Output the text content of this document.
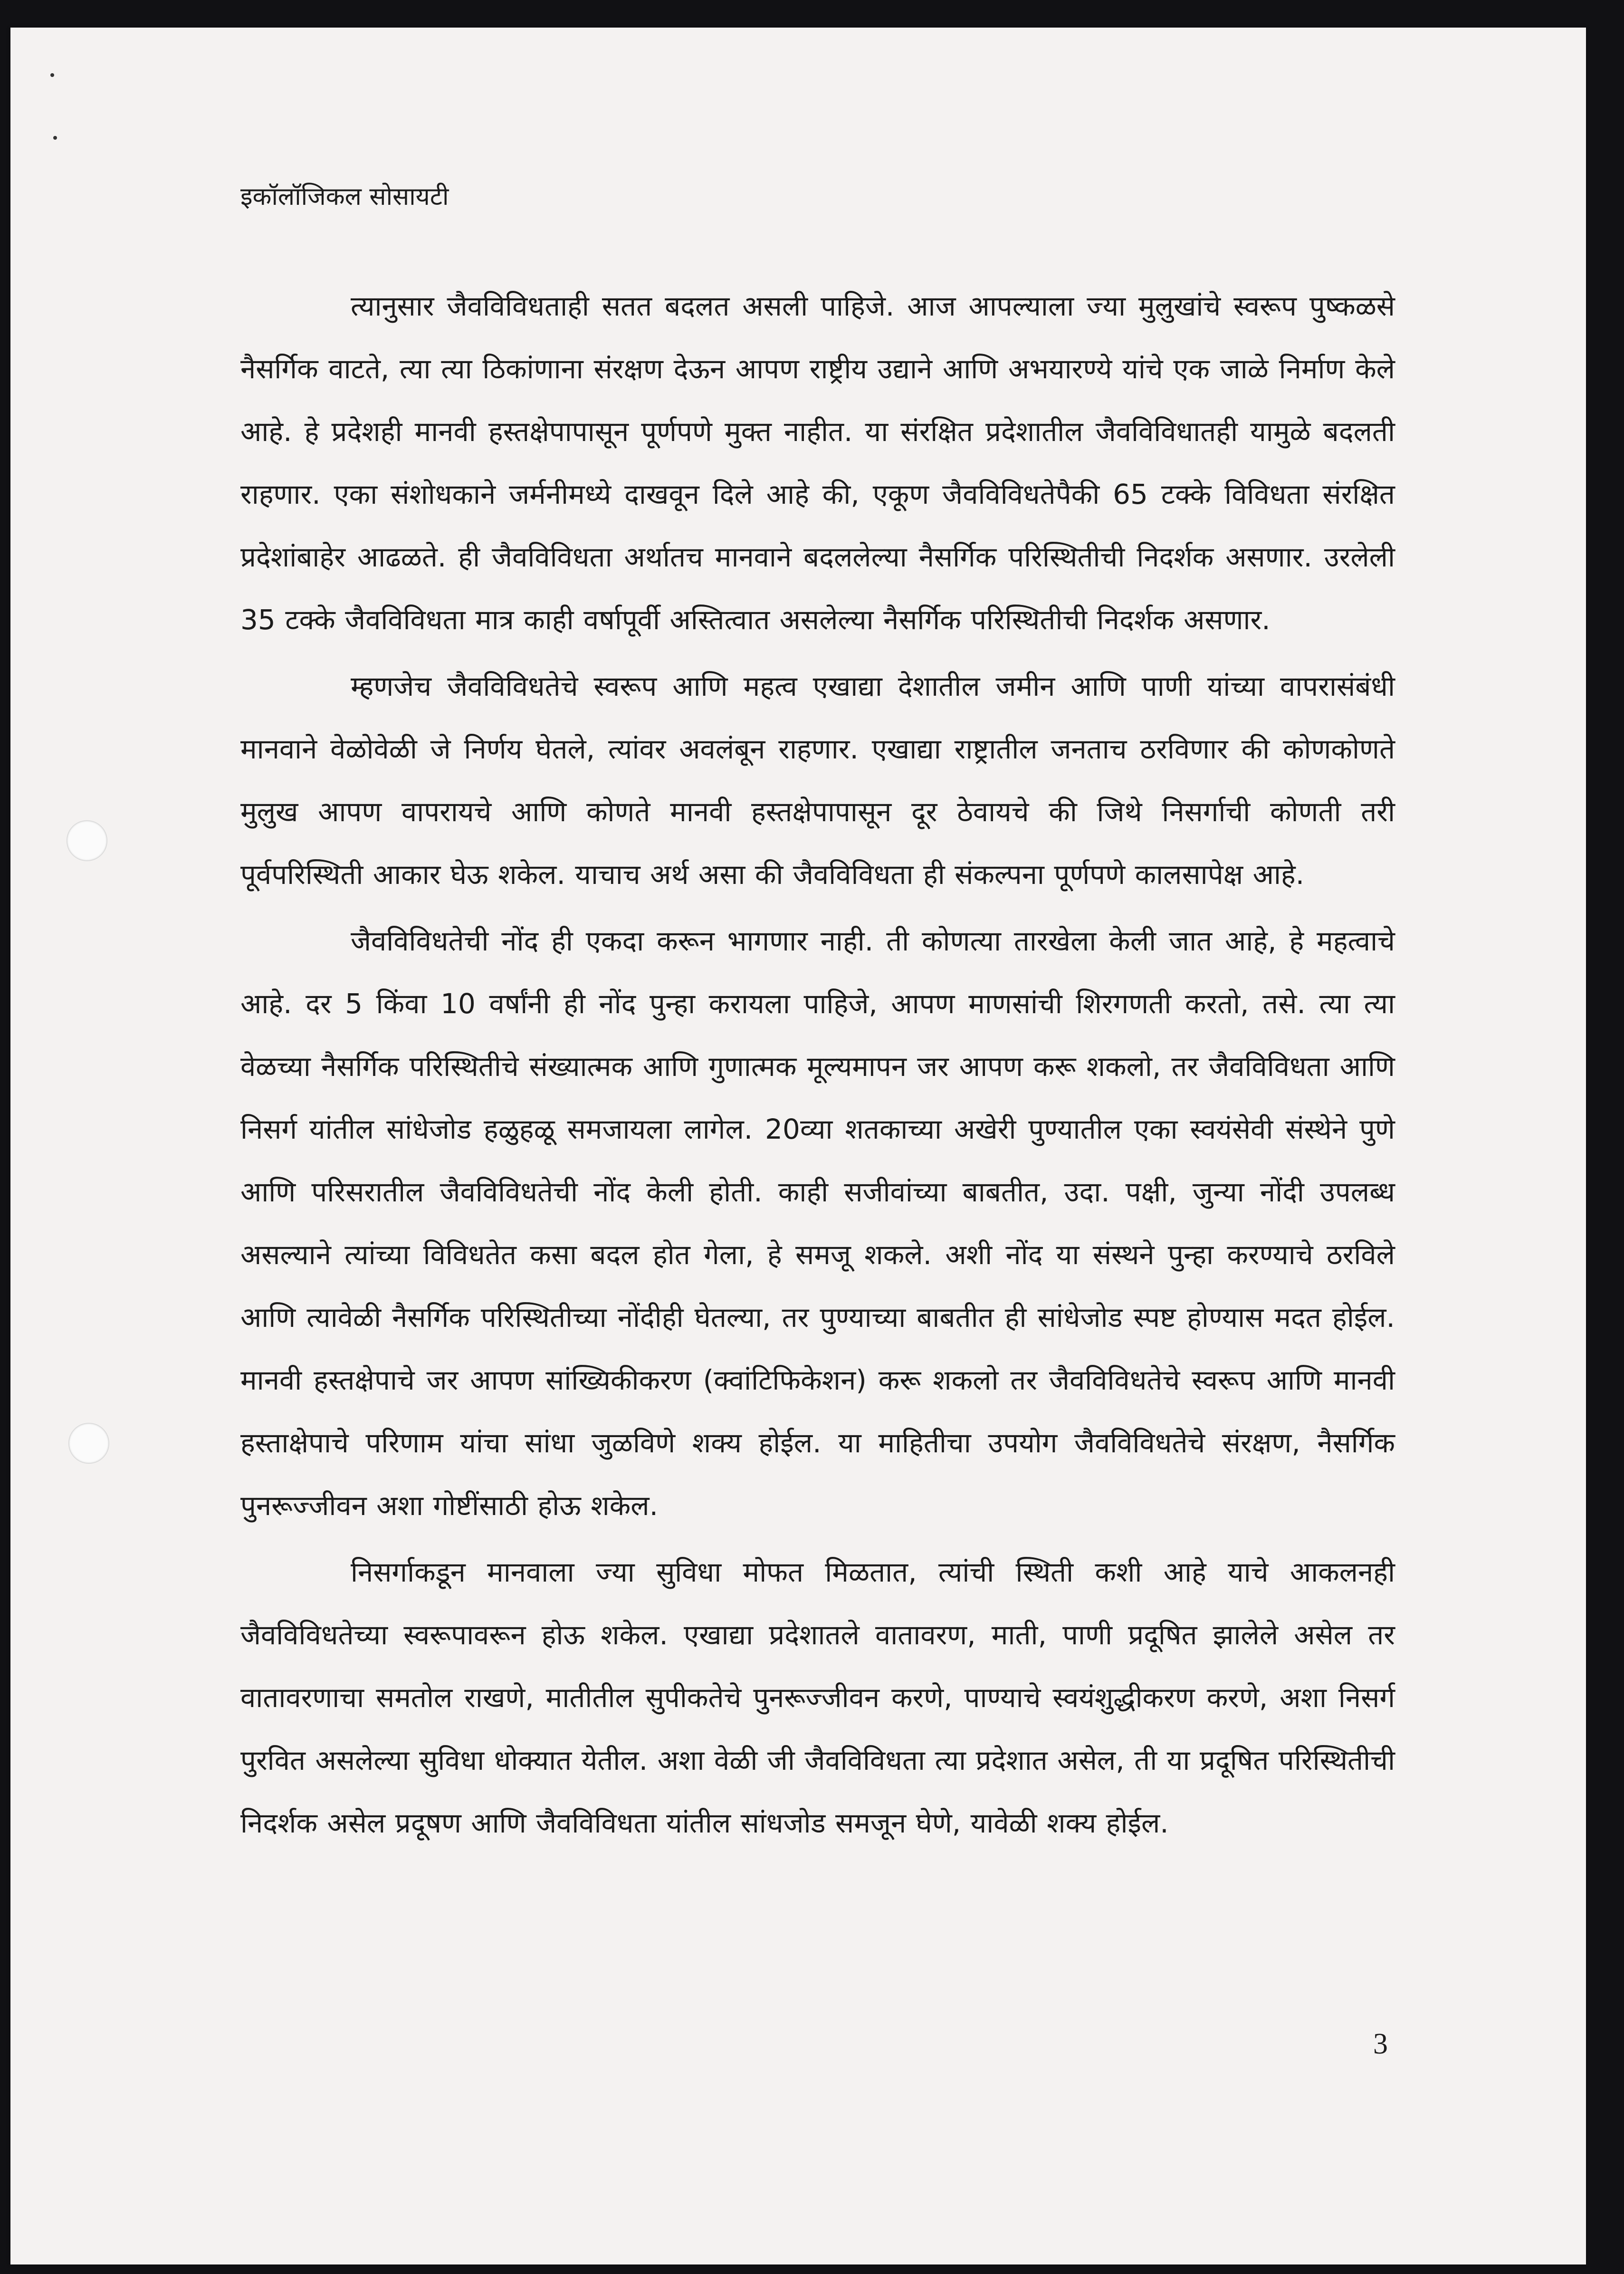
इकॉलॉजिकल सोसायटी

त्यानुसार जैवविविधताही सतत बदलत असली पाहिजे. आज आपल्याला ज्या मुलुखांचे स्वरूप पुष्कळसे नैसर्गिक वाटते, त्या त्या ठिकांणाना संरक्षण देऊन आपण राष्ट्रीय उद्याने आणि अभयारण्ये यांचे एक जाळे निर्माण केले आहे. हे प्रदेशही मानवी हस्तक्षेपापासून पूर्णपणे मुक्त नाहीत. या संरक्षित प्रदेशातील जैवविविधातही यामुळे बदलती राहणार. एका संशोधकाने जर्मनीमध्ये दाखवून दिले आहे की, एकूण जैवविविधतेपैकी 65 टक्के विविधता संरक्षित प्रदेशांबाहेर आढळते. ही जैवविविधता अर्थातच मानवाने बदललेल्या नैसर्गिक परिस्थितीची निदर्शक असणार. उरलेली 35 टक्के जैवविविधता मात्र काही वर्षापूर्वी अस्तित्वात असलेल्या नैसर्गिक परिस्थितीची निदर्शक असणार.

म्हणजेच जैवविविधतेचे स्वरूप आणि महत्व एखाद्या देशातील जमीन आणि पाणी यांच्या वापरासंबंधी मानवाने वेळोवेळी जे निर्णय घेतले, त्यांवर अवलंबून राहणार. एखाद्या राष्ट्रातील जनताच ठरविणार की कोणकोणते मुलुख आपण वापरायचे आणि कोणते मानवी हस्तक्षेपापासून दूर ठेवायचे की जिथे निसर्गाची कोणती तरी पूर्वपरिस्थिती आकार घेऊ शकेल. याचाच अर्थ असा की जैवविविधता ही संकल्पना पूर्णपणे कालसापेक्ष आहे.

जैवविविधतेची नोंद ही एकदा करून भागणार नाही. ती कोणत्या तारखेला केली जात आहे, हे महत्वाचे आहे. दर 5 किंवा 10 वर्षांनी ही नोंद पुन्हा करायला पाहिजे, आपण माणसांची शिरगणती करतो, तसे. त्या त्या वेळच्या नैसर्गिक परिस्थितीचे संख्यात्मक आणि गुणात्मक मूल्यमापन जर आपण करू शकलो, तर जैवविविधता आणि निसर्ग यांतील सांधेजोड हळुहळू समजायला लागेल. 20व्या शतकाच्या अखेरी पुण्यातील एका स्वयंसेवी संस्थेने पुणे आणि परिसरातील जैवविविधतेची नोंद केली होती. काही सजीवांच्या बाबतीत, उदा. पक्षी, जुन्या नोंदी उपलब्ध असल्याने त्यांच्या विविधतेत कसा बदल होत गेला, हे समजू शकले. अशी नोंद या संस्थने पुन्हा करण्याचे ठरविले आणि त्यावेळी नैसर्गिक परिस्थितीच्या नोंदीही घेतल्या, तर पुण्याच्या बाबतीत ही सांधेजोड स्पष्ट होण्यास मदत होईल. मानवी हस्तक्षेपाचे जर आपण सांख्यिकीकरण (क्वांटिफिकेशन) करू शकलो तर जैवविविधतेचे स्वरूप आणि मानवी हस्ताक्षेपाचे परिणाम यांचा सांधा जुळविणे शक्य होईल. या माहितीचा उपयोग जैवविविधतेचे संरक्षण, नैसर्गिक पुनरूज्जीवन अशा गोष्टींसाठी होऊ शकेल.

निसर्गाकडून मानवाला ज्या सुविधा मोफत मिळतात, त्यांची स्थिती कशी आहे याचे आकलनही जैवविविधतेच्या स्वरूपावरून होऊ शकेल. एखाद्या प्रदेशातले वातावरण, माती, पाणी प्रदूषित झालेले असेल तर वातावरणाचा समतोल राखणे, मातीतील सुपीकतेचे पुनरूज्जीवन करणे, पाण्याचे स्वयंशुद्धीकरण करणे, अशा निसर्ग पुरवित असलेल्या सुविधा धोक्यात येतील. अशा वेळी जी जैवविविधता त्या प्रदेशात असेल, ती या प्रदूषित परिस्थितीची निदर्शक असेल प्रदूषण आणि जैवविविधता यांतील सांधजोड समजून घेणे, यावेळी शक्य होईल.

3
